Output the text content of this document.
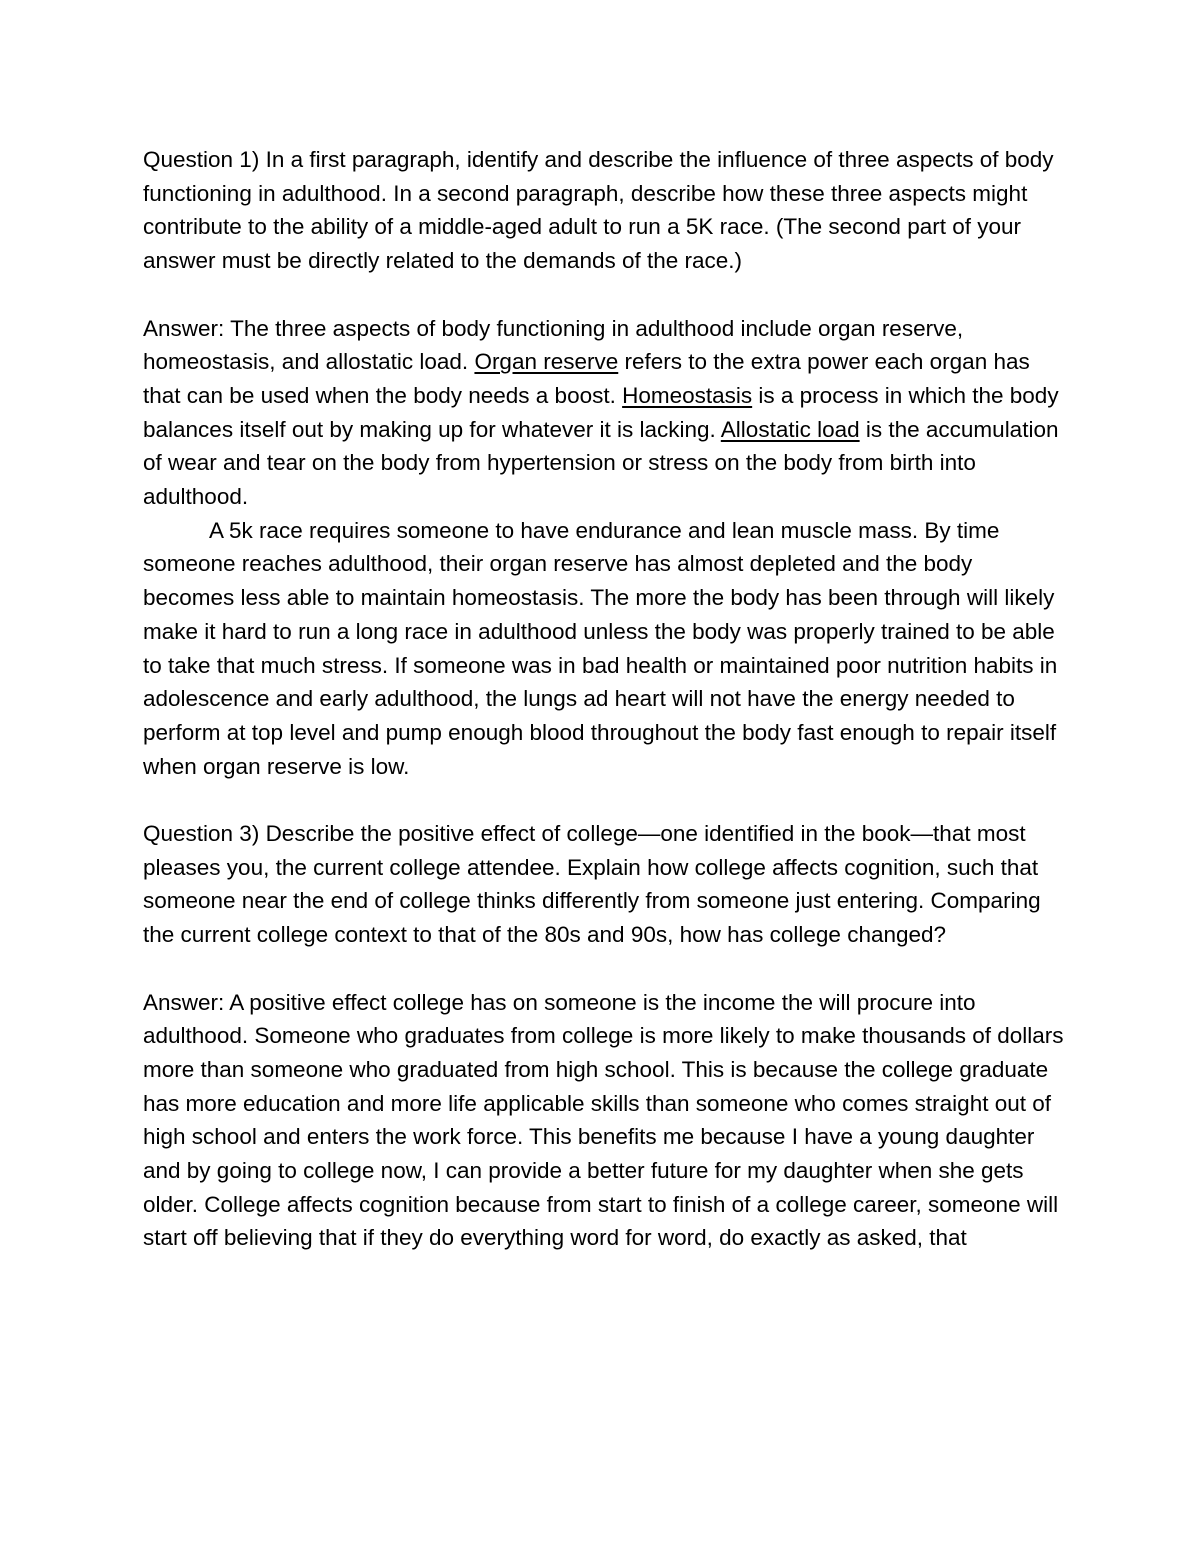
Question 1) In a first paragraph, identify and describe the influence of three aspects of body functioning in adulthood. In a second paragraph, describe how these three aspects might contribute to the ability of a middle-aged adult to run a 5K race. (The second part of your answer must be directly related to the demands of the race.)

Answer: The three aspects of body functioning in adulthood include organ reserve, homeostasis, and allostatic load. Organ reserve refers to the extra power each organ has that can be used when the body needs a boost. Homeostasis is a process in which the body balances itself out by making up for whatever it is lacking. Allostatic load is the accumulation of wear and tear on the body from hypertension or stress on the body from birth into adulthood.

A 5k race requires someone to have endurance and lean muscle mass. By time someone reaches adulthood, their organ reserve has almost depleted and the body becomes less able to maintain homeostasis. The more the body has been through will likely make it hard to run a long race in adulthood unless the body was properly trained to be able to take that much stress. If someone was in bad health or maintained poor nutrition habits in adolescence and early adulthood, the lungs ad heart will not have the energy needed to perform at top level and pump enough blood throughout the body fast enough to repair itself when organ reserve is low.

Question 3) Describe the positive effect of college—one identified in the book—that most pleases you, the current college attendee. Explain how college affects cognition, such that someone near the end of college thinks differently from someone just entering. Comparing the current college context to that of the 80s and 90s, how has college changed?

Answer: A positive effect college has on someone is the income the will procure into adulthood. Someone who graduates from college is more likely to make thousands of dollars more than someone who graduated from high school. This is because the college graduate has more education and more life applicable skills than someone who comes straight out of high school and enters the work force. This benefits me because I have a young daughter and by going to college now, I can provide a better future for my daughter when she gets older. College affects cognition because from start to finish of a college career, someone will start off believing that if they do everything word for word, do exactly as asked, that
